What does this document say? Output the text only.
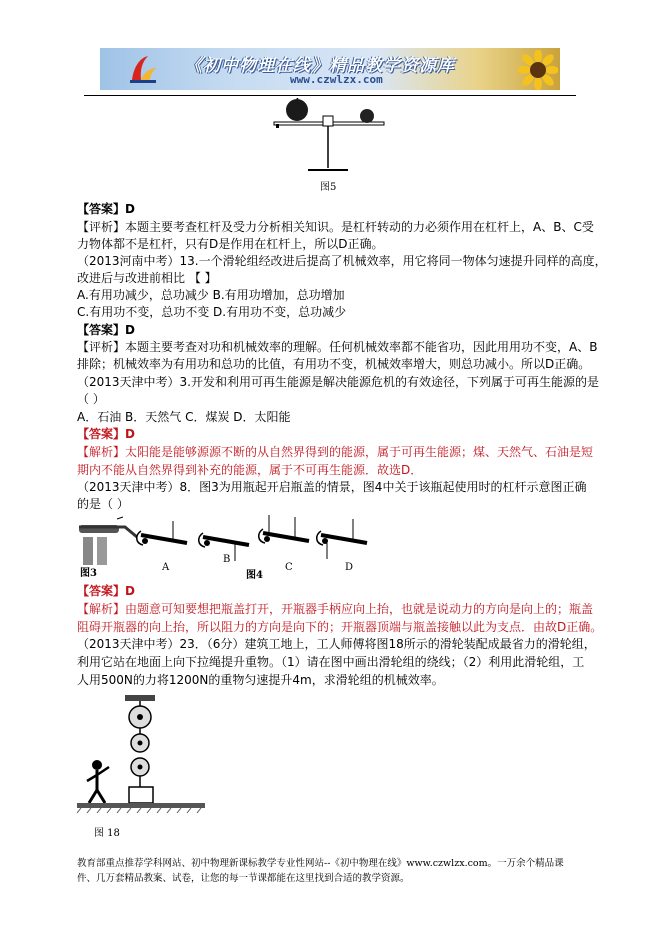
《初中物理在线》精品教学资源库
www.czwlzx.com
图5
【答案】D
【评析】本题主要考查杠杆及受力分析相关知识。是杠杆转动的力必须作用在杠杆上，A、B、C受
力物体都不是杠杆，只有D是作用在杠杆上，所以D正确。
（2013河南中考）13.一个滑轮组经改进后提高了机械效率，用它将同一物体匀速提升同样的高度，
改进后与改进前相比 【 】
A.有用功减少，总功减少 B.有用功增加，总功增加
C.有用功不变，总功不变 D.有用功不变，总功减少
【答案】D
【评析】本题主要考查对功和机械效率的理解。任何机械效率都不能省功，因此用用功不变，A、B
排除；机械效率为有用功和总功的比值，有用功不变，机械效率增大，则总功减小。所以D正确。
（2013天津中考）3.开发和利用可再生能源是解决能源危机的有效途径，下列属于可再生能源的是
（ ）
A．石油 B．天然气 C．煤炭 D．太阳能
【答案】D
【解析】太阳能是能够源源不断的从自然界得到的能源，属于可再生能源；煤、天然气、石油是短
期内不能从自然界得到补充的能源，属于不可再生能源．故选D．
（2013天津中考）8．图3为用瓶起开启瓶盖的情景，图4中关于该瓶起使用时的杠杆示意图正确
的是（ ）
图3
A
B
图4
C	D
【答案】D
【解析】由题意可知要想把瓶盖打开，开瓶器手柄应向上抬，也就是说动力的方向是向上的；瓶盖
阻碍开瓶器的向上抬，所以阻力的方向是向下的；开瓶器顶端与瓶盖接触以此为支点．由故D正确。
（2013天津中考）23．（6分）建筑工地上，工人师傅将图18所示的滑轮装配成最省力的滑轮组，
利用它站在地面上向下拉绳提升重物。（1）请在图中画出滑轮组的绕线；（2）利用此滑轮组，工
人用500N的力将1200N的重物匀速提升4m，求滑轮组的机械效率。
图 18
教育部重点推荐学科网站、初中物理新课标教学专业性网站--《初中物理在线》www.czwlzx.com。一万余个精品课
件、几万套精品教案、试卷，让您的每一节课都能在这里找到合适的教学资源。
